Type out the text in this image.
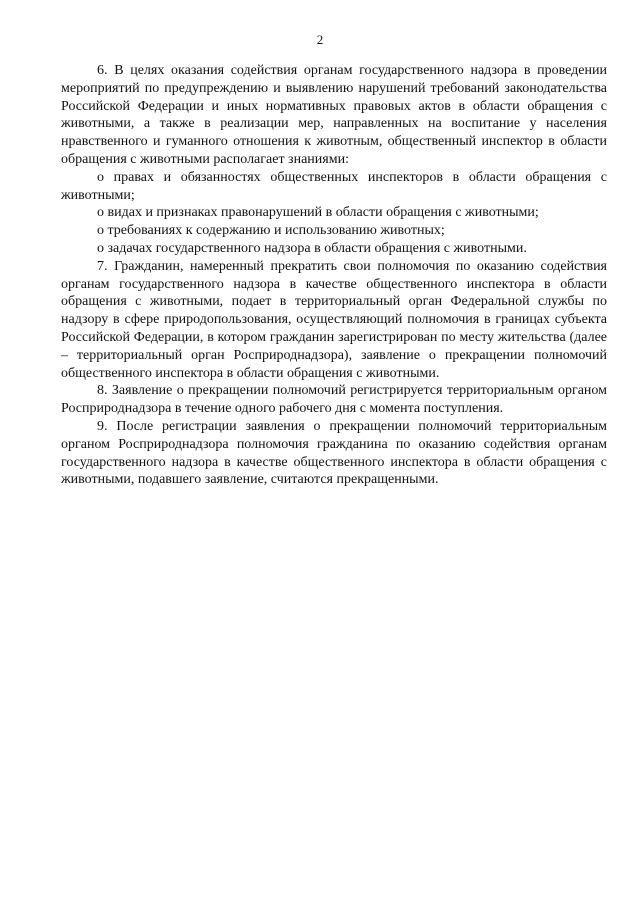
2

6. В целях оказания содействия органам государственного надзора в проведении мероприятий по предупреждению и выявлению нарушений требований законодательства Российской Федерации и иных нормативных правовых актов в области обращения с животными, а также в реализации мер, направленных на воспитание у населения нравственного и гуманного отношения к животным, общественный инспектор в области обращения с животными располагает знаниями:

о правах и обязанностях общественных инспекторов в области обращения с животными;

о видах и признаках правонарушений в области обращения с животными;

о требованиях к содержанию и использованию животных;

о задачах государственного надзора в области обращения с животными.

7. Гражданин, намеренный прекратить свои полномочия по оказанию содействия органам государственного надзора в качестве общественного инспектора в области обращения с животными, подает в территориальный орган Федеральной службы по надзору в сфере природопользования, осуществляющий полномочия в границах субъекта Российской Федерации, в котором гражданин зарегистрирован по месту жительства (далее – территориальный орган Росприроднадзора), заявление о прекращении полномочий общественного инспектора в области обращения с животными.

8. Заявление о прекращении полномочий регистрируется территориальным органом Росприроднадзора в течение одного рабочего дня с момента поступления.

9. После регистрации заявления о прекращении полномочий территориальным органом Росприроднадзора полномочия гражданина по оказанию содействия органам государственного надзора в качестве общественного инспектора в области обращения с животными, подавшего заявление, считаются прекращенными.
